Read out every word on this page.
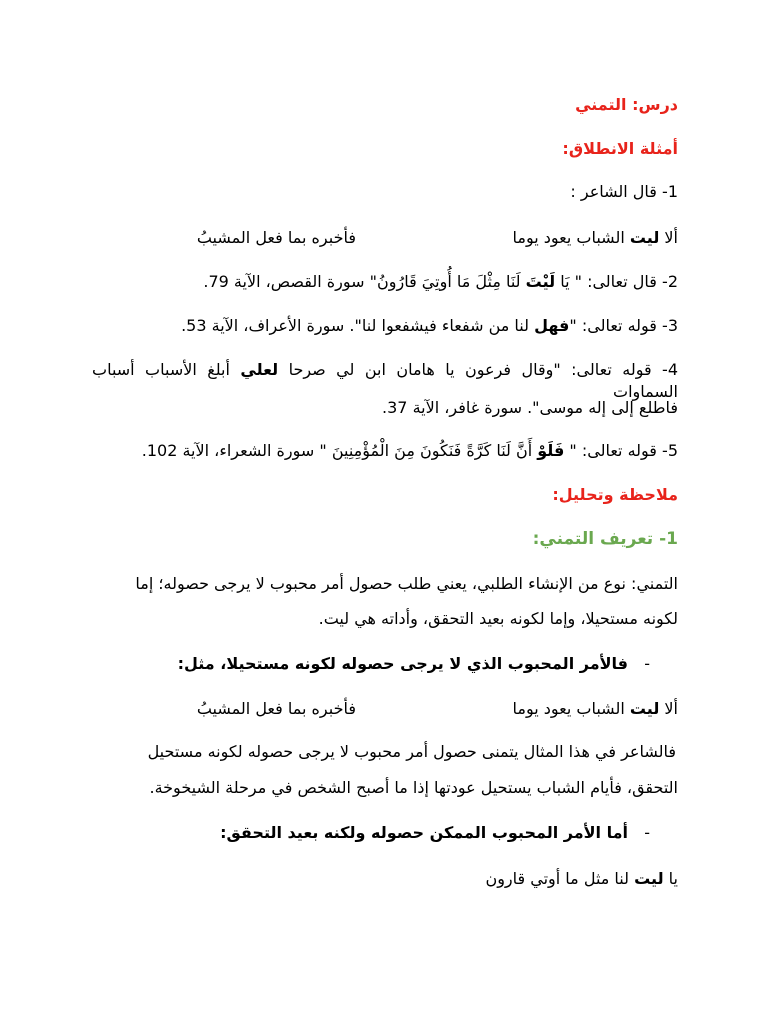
درس: التمني
أمثلة الانطلاق:
1- قال الشاعر :
ألا ليت الشباب يعود يوما
فأخبره بما فعل المشيبُ
2- قال تعالى: " يَا لَيْتَ لَنَا مِثْلَ مَا أُوتِيَ قَارُونُ" سورة القصص، الآية 79.
3- قوله تعالى: "فهل لنا من شفعاء فيشفعوا لنا". سورة الأعراف، الآية 53.
4- قوله تعالى: "وقال فرعون يا هامان ابن لي صرحا لعلي أبلغ الأسباب أسباب السماوات
فاطلع إلى إله موسى". سورة غافر، الآية 37.
5- قوله تعالى: " فَلَوْ أَنَّ لَنَا كَرَّةً فَنَكُونَ مِنَ الْمُؤْمِنِينَ " سورة الشعراء، الآية 102.
ملاحظة وتحليل:
1- تعريف التمني:
التمني: نوع من الإنشاء الطلبي، يعني طلب حصول أمر محبوب لا يرجى حصوله؛ إما
لكونه مستحيلا، وإما لكونه بعيد التحقق، وأداته هي ليت.
-
فالأمر المحبوب الذي لا يرجى حصوله لكونه مستحيلا، مثل:
ألا ليت الشباب يعود يوما
فأخبره بما فعل المشيبُ
فالشاعر في هذا المثال يتمنى حصول أمر محبوب لا يرجى حصوله لكونه مستحيل
التحقق، فأيام الشباب يستحيل عودتها إذا ما أصبح الشخص في مرحلة الشيخوخة.
-
أما الأمر المحبوب الممكن حصوله ولكنه بعيد التحقق:
يا ليت لنا مثل ما أوتي قارون
